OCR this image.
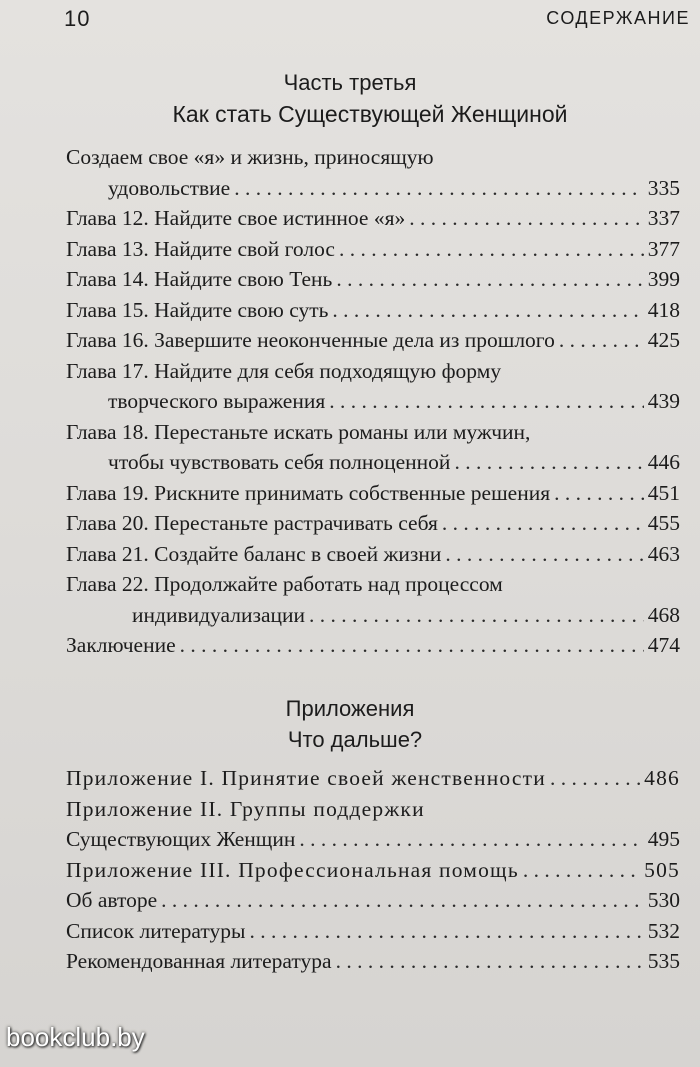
10	СОДЕРЖАНИЕ
Часть третья
Как стать Существующей Женщиной
Создаем свое «я» и жизнь, приносящую
удовольствие . . .	335
Глава 12. Найдите свое истинное «я» . . .	337
Глава 13. Найдите свой голос . . .	377
Глава 14. Найдите свою Тень . . .	399
Глава 15. Найдите свою суть . . .	418
Глава 16. Завершите неоконченные дела из прошлого . . .	425
Глава 17. Найдите для себя подходящую форму
творческого выражения . . .	439
Глава 18. Перестаньте искать романы или мужчин,
чтобы чувствовать себя полноценной . . .	446
Глава 19. Рискните принимать собственные решения . . .	451
Глава 20. Перестаньте растрачивать себя . . .	455
Глава 21. Создайте баланс в своей жизни . . .	463
Глава 22. Продолжайте работать над процессом
индивидуализации . . .	468
Заключение . . .	474
Приложения
Что дальше?
Приложение I. Принятие своей женственности . . .	486
Приложение II. Группы поддержки
Существующих Женщин . . .	495
Приложение III. Профессиональная помощь . . .	505
Об авторе . . .	530
Список литературы . . .	532
Рекомендованная литература . . .	535
bookclub.by
